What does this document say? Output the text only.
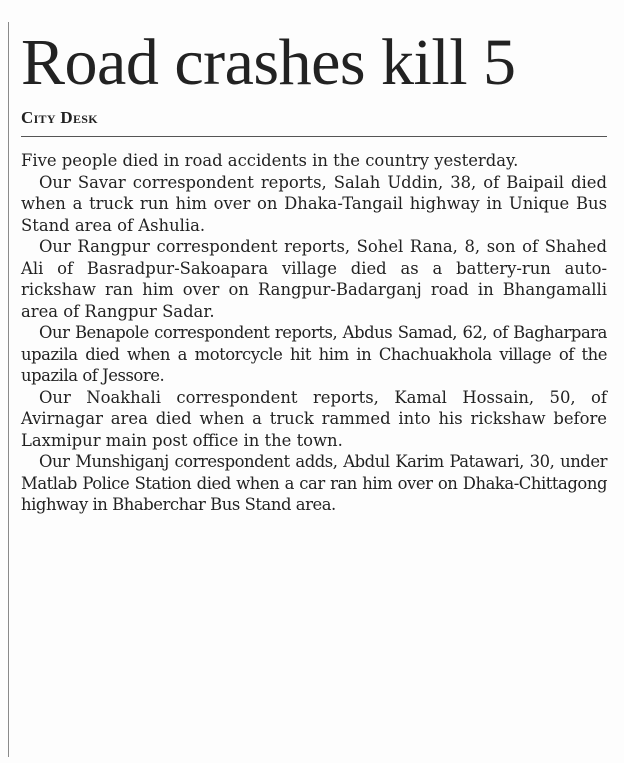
Road crashes kill 5
City Desk

Five people died in road accidents in the country yesterday.

Our Savar correspondent reports, Salah Uddin, 38, of Baipail died when a truck run him over on Dhaka-Tangail highway in Unique Bus Stand area of Ashulia.

Our Rangpur correspondent reports, Sohel Rana, 8, son of Shahed Ali of Basradpur-Sakoapara village died as a battery-run auto-rickshaw ran him over on Rangpur-Badarganj road in Bhangamalli area of Rangpur Sadar.

Our Benapole correspondent reports, Abdus Samad, 62, of Bagharpara upazila died when a motorcycle hit him in Chachuakhola village of the upazila of Jessore.

Our Noakhali correspondent reports, Kamal Hossain, 50, of Avirnagar area died when a truck rammed into his rickshaw before Laxmipur main post office in the town.

Our Munshiganj correspondent adds, Abdul Karim Patawari, 30, under Matlab Police Station died when a car ran him over on Dhaka-Chittagong highway in Bhaberchar Bus Stand area.
